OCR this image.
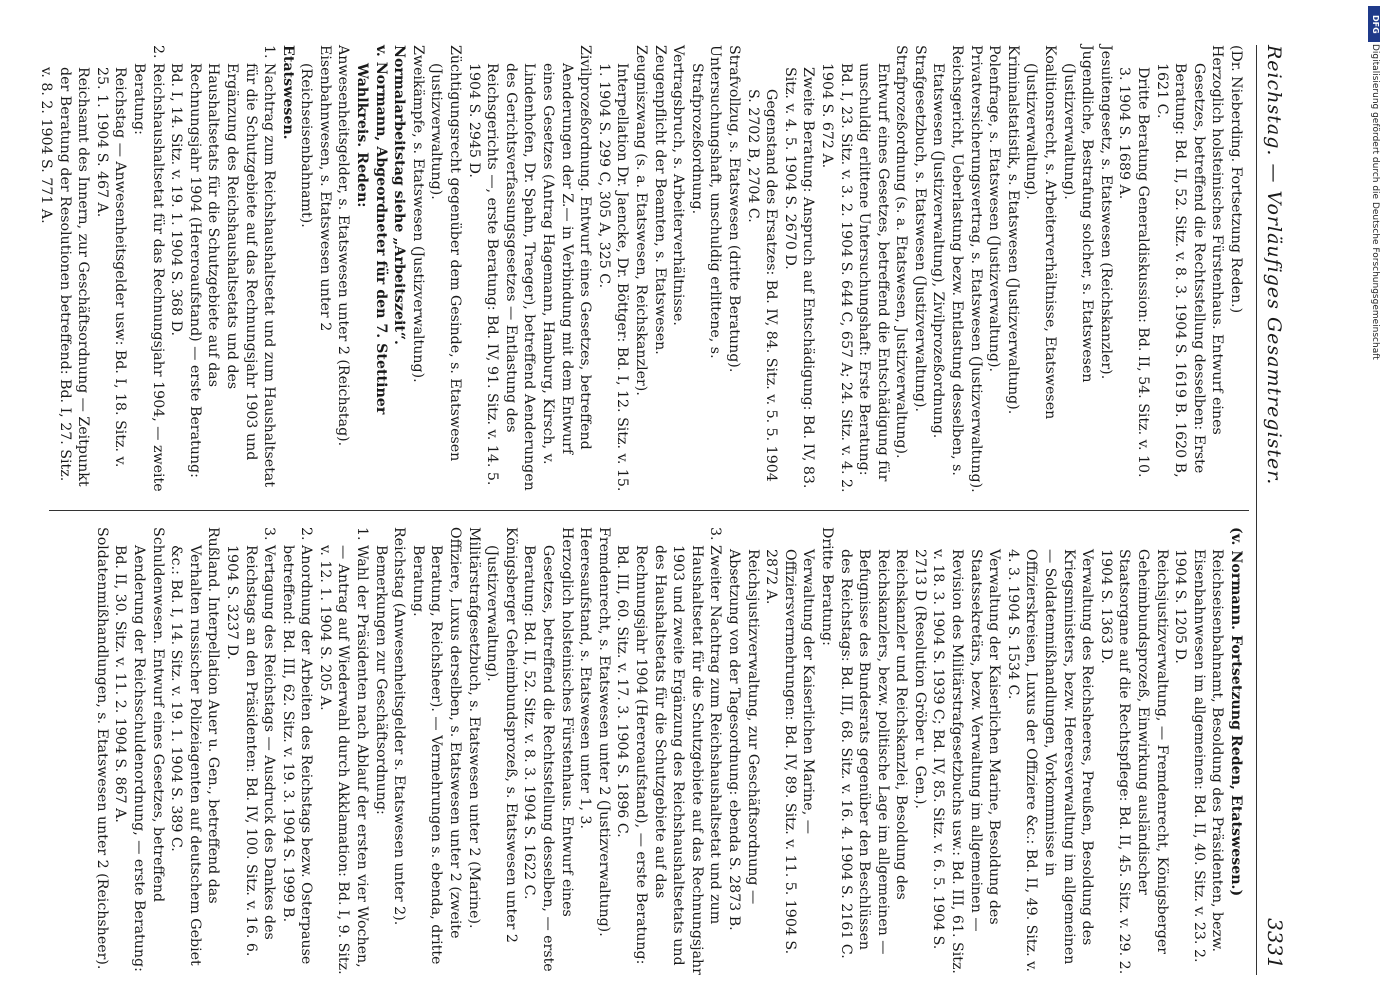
Reichstag. — Vorläufiges Gesamtregister.
3331

(Dr. Nieberding. Fortsetzung Reden.)

Herzoglich holsteinisches Fürstenhaus. Entwurf eines Gesetzes, betreffend die Rechtsstellung desselben: Erste Beratung: Bd. II, 52. Sitz. v. 8. 3. 1904 S. 1619 B. 1620 B, 1621 C.

Dritte Beratung Generaldiskussion: Bd. II, 54. Sitz. v. 10. 3. 1904 S. 1689 A.

Jesuitengesetz, s. Etatswesen (Reichskanzler).

Jugendliche, Bestrafung solcher, s. Etatswesen (Justizverwaltung).

Koalitionsrecht, s. Arbeiterverhältnisse, Etatswesen (Justizverwaltung).

Kriminalstatistik, s. Etatswesen (Justizverwaltung).

Polenfrage, s. Etatswesen (Justizverwaltung).

Privatversicherungsvertrag, s. Etatswesen (Justizverwaltung).

Reichsgericht, Ueberlastung bezw. Entlastung desselben, s. Etatswesen (Justizverwaltung), Zivilprozeßordnung.

Strafgesetzbuch, s. Etatswesen (Justizverwaltung).

Strafprozeßordnung (s. a. Etatswesen, Justizverwaltung). Entwurf eines Gesetzes, betreffend die Entschädigung für unschuldig erlittene Untersuchungshaft: Erste Beratung: Bd. I, 23. Sitz. v. 3. 2. 1904 S. 644 C, 657 A; 24. Sitz. v. 4. 2. 1904 S. 672 A.

Zweite Beratung: Anspruch auf Entschädigung: Bd. IV, 83. Sitz. v. 4. 5. 1904 S. 2670 D.

Gegenstand des Ersatzes: Bd. IV, 84. Sitz. v. 5. 5. 1904 S. 2702 B, 2704 C.

Strafvollzug, s. Etatswesen (dritte Beratung).

Untersuchungshaft, unschuldig erlittene, s. Strafprozeßordnung.

Vertragsbruch, s. Arbeiterverhältnisse.

Zeugenpflicht der Beamten, s. Etatswesen.

Zeugniszwang (s. a. Etatswesen, Reichskanzler). Interpellation Dr. Jaencke, Dr. Böttger: Bd. I, 12. Sitz. v. 15. 1. 1904 S. 299 C, 305 A, 325 C.

Zivilprozeßordnung. Entwurf eines Gesetzes, betreffend Aenderungen der Z.— in Verbindung mit dem Entwurf eines Gesetzes (Antrag Hagemann, Hamburg, Kirsch, v. Lindenhofen, Dr. Spahn, Traeger), betreffend Aenderungen des Gerichtsverfassungsgesetzes — Entlastung des Reichsgerichts —, erste Beratung: Bd. IV, 91. Sitz. v. 14. 5. 1904 S. 2945 D.

Züchtigungsrecht gegenüber dem Gesinde, s. Etatswesen (Justizverwaltung).

Zweikämpfe, s. Etatswesen (Justizverwaltung).

Normalarbeitstag siehe „Arbeitszeit“.

v. Normann, Abgeordneter für den 7. Stettiner Wahlkreis. Reden:

Anwesenheitsgelder, s. Etatswesen unter 2 (Reichstag).

Eisenbahnwesen, s. Etatswesen unter 2 (Reichseisenbahnamt).

Etatswesen.

1. Nachtrag zum Reichshaushaltsetat und zum Haushaltsetat für die Schutzgebiete auf das Rechnungsjahr 1903 und Ergänzung des Reichshaushaltsetats und des Haushaltsetats für die Schutzgebiete auf das Rechnungsjahr 1904 (Hereroaufstand) — erste Beratung: Bd. I, 14. Sitz. v. 19. 1. 1904 S. 368 D.

2. Reichshaushaltsetat für das Rechnungsjahr 1904, — zweite Beratung:

Reichstag — Anwesenheitsgelder usw: Bd. I, 18. Sitz. v. 25. 1. 1904 S. 467 A.

Reichsamt des Innern, zur Geschäftsordnung — Zeitpunkt der Beratung der Resolutionen betreffend: Bd. I, 27. Sitz. v. 8. 2. 1904 S. 771 A.

(v. Normann. Fortsetzung Reden, Etatswesen.)

Reichseisenbahnamt, Besoldung des Präsidenten, bezw. Eisenbahnwesen im allgemeinen: Bd. II, 40. Sitz. v. 23. 2. 1904 S. 1205 D.

Reichsjustizverwaltung, — Fremdenrecht, Königsberger Geheimbundsprozeß, Einwirkung ausländischer Staatsorgane auf die Rechtspflege: Bd. II, 45. Sitz. v. 29. 2. 1904 S. 1363 D.

Verwaltung des Reichsheeres, Preußen, Besoldung des Kriegsministers, bezw. Heeresverwaltung im allgemeinen — Soldatenmißhandlungen, Vorkommnisse in Offizierskreisen, Luxus der Offiziere &c.: Bd. II, 49. Sitz. v. 4. 3. 1904 S. 1534 C.

Verwaltung der Kaiserlichen Marine, Besoldung des Staatssekretärs, bezw. Verwaltung im allgemeinen — Revision des Militärstrafgesetzbuchs usw.: Bd. III, 61. Sitz. v. 18. 3. 1904 S. 1939 C; Bd. IV, 85. Sitz. v. 6. 5. 1904 S. 2713 D (Resolution Gröber u. Gen.).

Reichskanzler und Reichskanzlei, Besoldung des Reichskanzlers, bezw. politische Lage im allgemeinen — Befugnisse des Bundesrats gegenüber den Beschlüssen des Reichstags: Bd. III, 68. Sitz. v. 16. 4. 1904 S. 2161 C.

Dritte Beratung:

Verwaltung der Kaiserlichen Marine, — Offiziersvermehrungen: Bd. IV, 89. Sitz. v. 11. 5. 1904 S. 2872 A.

Reichsjustizverwaltung, zur Geschäftsordnung — Absetzung von der Tagesordnung: ebenda S. 2873 B.

3. Zweiter Nachtrag zum Reichshaushaltsetat und zum Haushaltsetat für die Schutzgebiete auf das Rechnungsjahr 1903 und zweite Ergänzung des Reichshaushaltsetats und des Haushaltsetats für die Schutzgebiete auf das Rechnungsjahr 1904 (Hereroaufstand), — erste Beratung: Bd. III, 60. Sitz. v. 17. 3. 1904 S. 1896 C.

Fremdenrecht, s. Etatswesen unter 2 (Justizverwaltung).

Heeresaufstand, s. Etatswesen unter 1, 3.

Herzoglich holsteinisches Fürstenhaus. Entwurf eines Gesetzes, betreffend die Rechtsstellung desselben, — erste Beratung: Bd. II, 52. Sitz. v. 8. 3. 1904 S. 1622 C.

Königsberger Geheimbundsprozeß, s. Etatswesen unter 2 (Justizverwaltung).

Militärstrafgesetzbuch, s. Etatswesen unter 2 (Marine).

Offiziere, Luxus derselben, s. Etatswesen unter 2 (zweite Beratung, Reichsheer). — Vermehrungen s. ebenda, dritte Beratung.

Reichstag (Anwesenheitsgelder s. Etatswesen unter 2). Bemerkungen zur Geschäftsordnung:

1. Wahl der Präsidenten nach Ablauf der ersten vier Wochen, — Antrag auf Wiederwahl durch Akklamation: Bd. I, 9. Sitz. v. 12. 1. 1904 S. 205 A.

2. Anordnung der Arbeiten des Reichstags bezw. Osterpause betreffend: Bd. III, 62. Sitz. v. 19. 3. 1904 S. 1999 B.

3. Vertagung des Reichstags — Ausdruck des Dankes des Reichstags an den Präsidenten: Bd. IV, 100. Sitz. v. 16. 6. 1904 S. 3237 D.

Rußland. Interpellation Auer u. Gen., betreffend das Verhalten russischer Polizeiagenten auf deutschem Gebiet &c.: Bd. I, 14. Sitz. v. 19. 1. 1904 S. 389 C.

Schuldenwesen. Entwurf eines Gesetzes, betreffend Aenderung der Reichsschuldenordnung, — erste Beratung: Bd. II, 30. Sitz. v. 11. 2. 1904 S. 867 A.

Soldatenmißhandlungen, s. Etatswesen unter 2 (Reichsheer).

DFG
Digitalisierung gefördert durch die Deutsche Forschungsgemeinschaft
